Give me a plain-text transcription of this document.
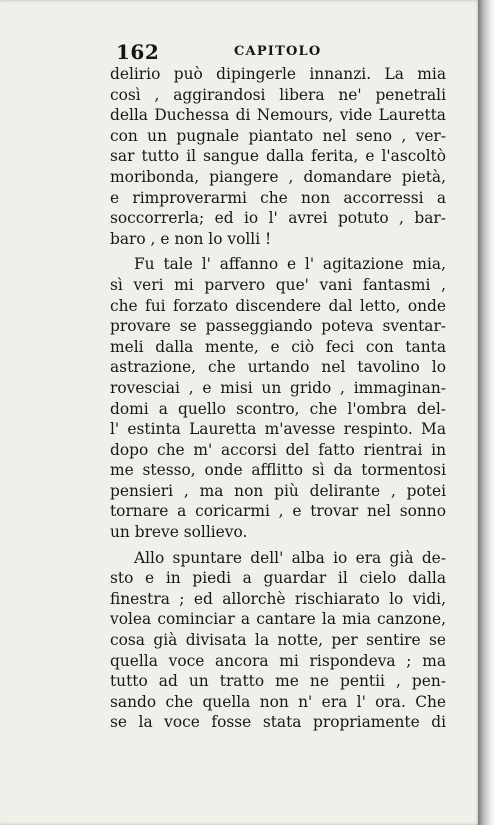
162	CAPITOLO
delirio può dipingerle innanzi. La mia
così , aggirandosi libera ne' penetrali
della Duchessa di Nemours, vide Lauretta
con un pugnale piantato nel seno , ver-
sar tutto il sangue dalla ferita, e l'ascoltò
moribonda, piangere , domandare pietà,
e rimproverarmi che non accorressi a
soccorrerla; ed io l' avrei potuto , bar-
baro , e non lo volli !
Fu tale l' affanno e l' agitazione mia,
sì veri mi parvero que' vani fantasmi ,
che fui forzato discendere dal letto, onde
provare se passeggiando poteva sventar-
meli dalla mente, e ciò feci con tanta
astrazione, che urtando nel tavolino lo
rovesciai , e misi un grido , immaginan-
domi a quello scontro, che l'ombra del-
l' estinta Lauretta m'avesse respinto. Ma
dopo che m' accorsi del fatto rientrai in
me stesso, onde afflitto sì da tormentosi
pensieri , ma non più delirante , potei
tornare a coricarmi , e trovar nel sonno
un breve sollievo.
Allo spuntare dell' alba io era già de-
sto e in piedi a guardar il cielo dalla
finestra ; ed allorchè rischiarato lo vidi,
volea cominciar a cantare la mia canzone,
cosa già divisata la notte, per sentire se
quella voce ancora mi rispondeva ; ma
tutto ad un tratto me ne pentii , pen-
sando che quella non n' era l' ora. Che
se la voce fosse stata propriamente di
